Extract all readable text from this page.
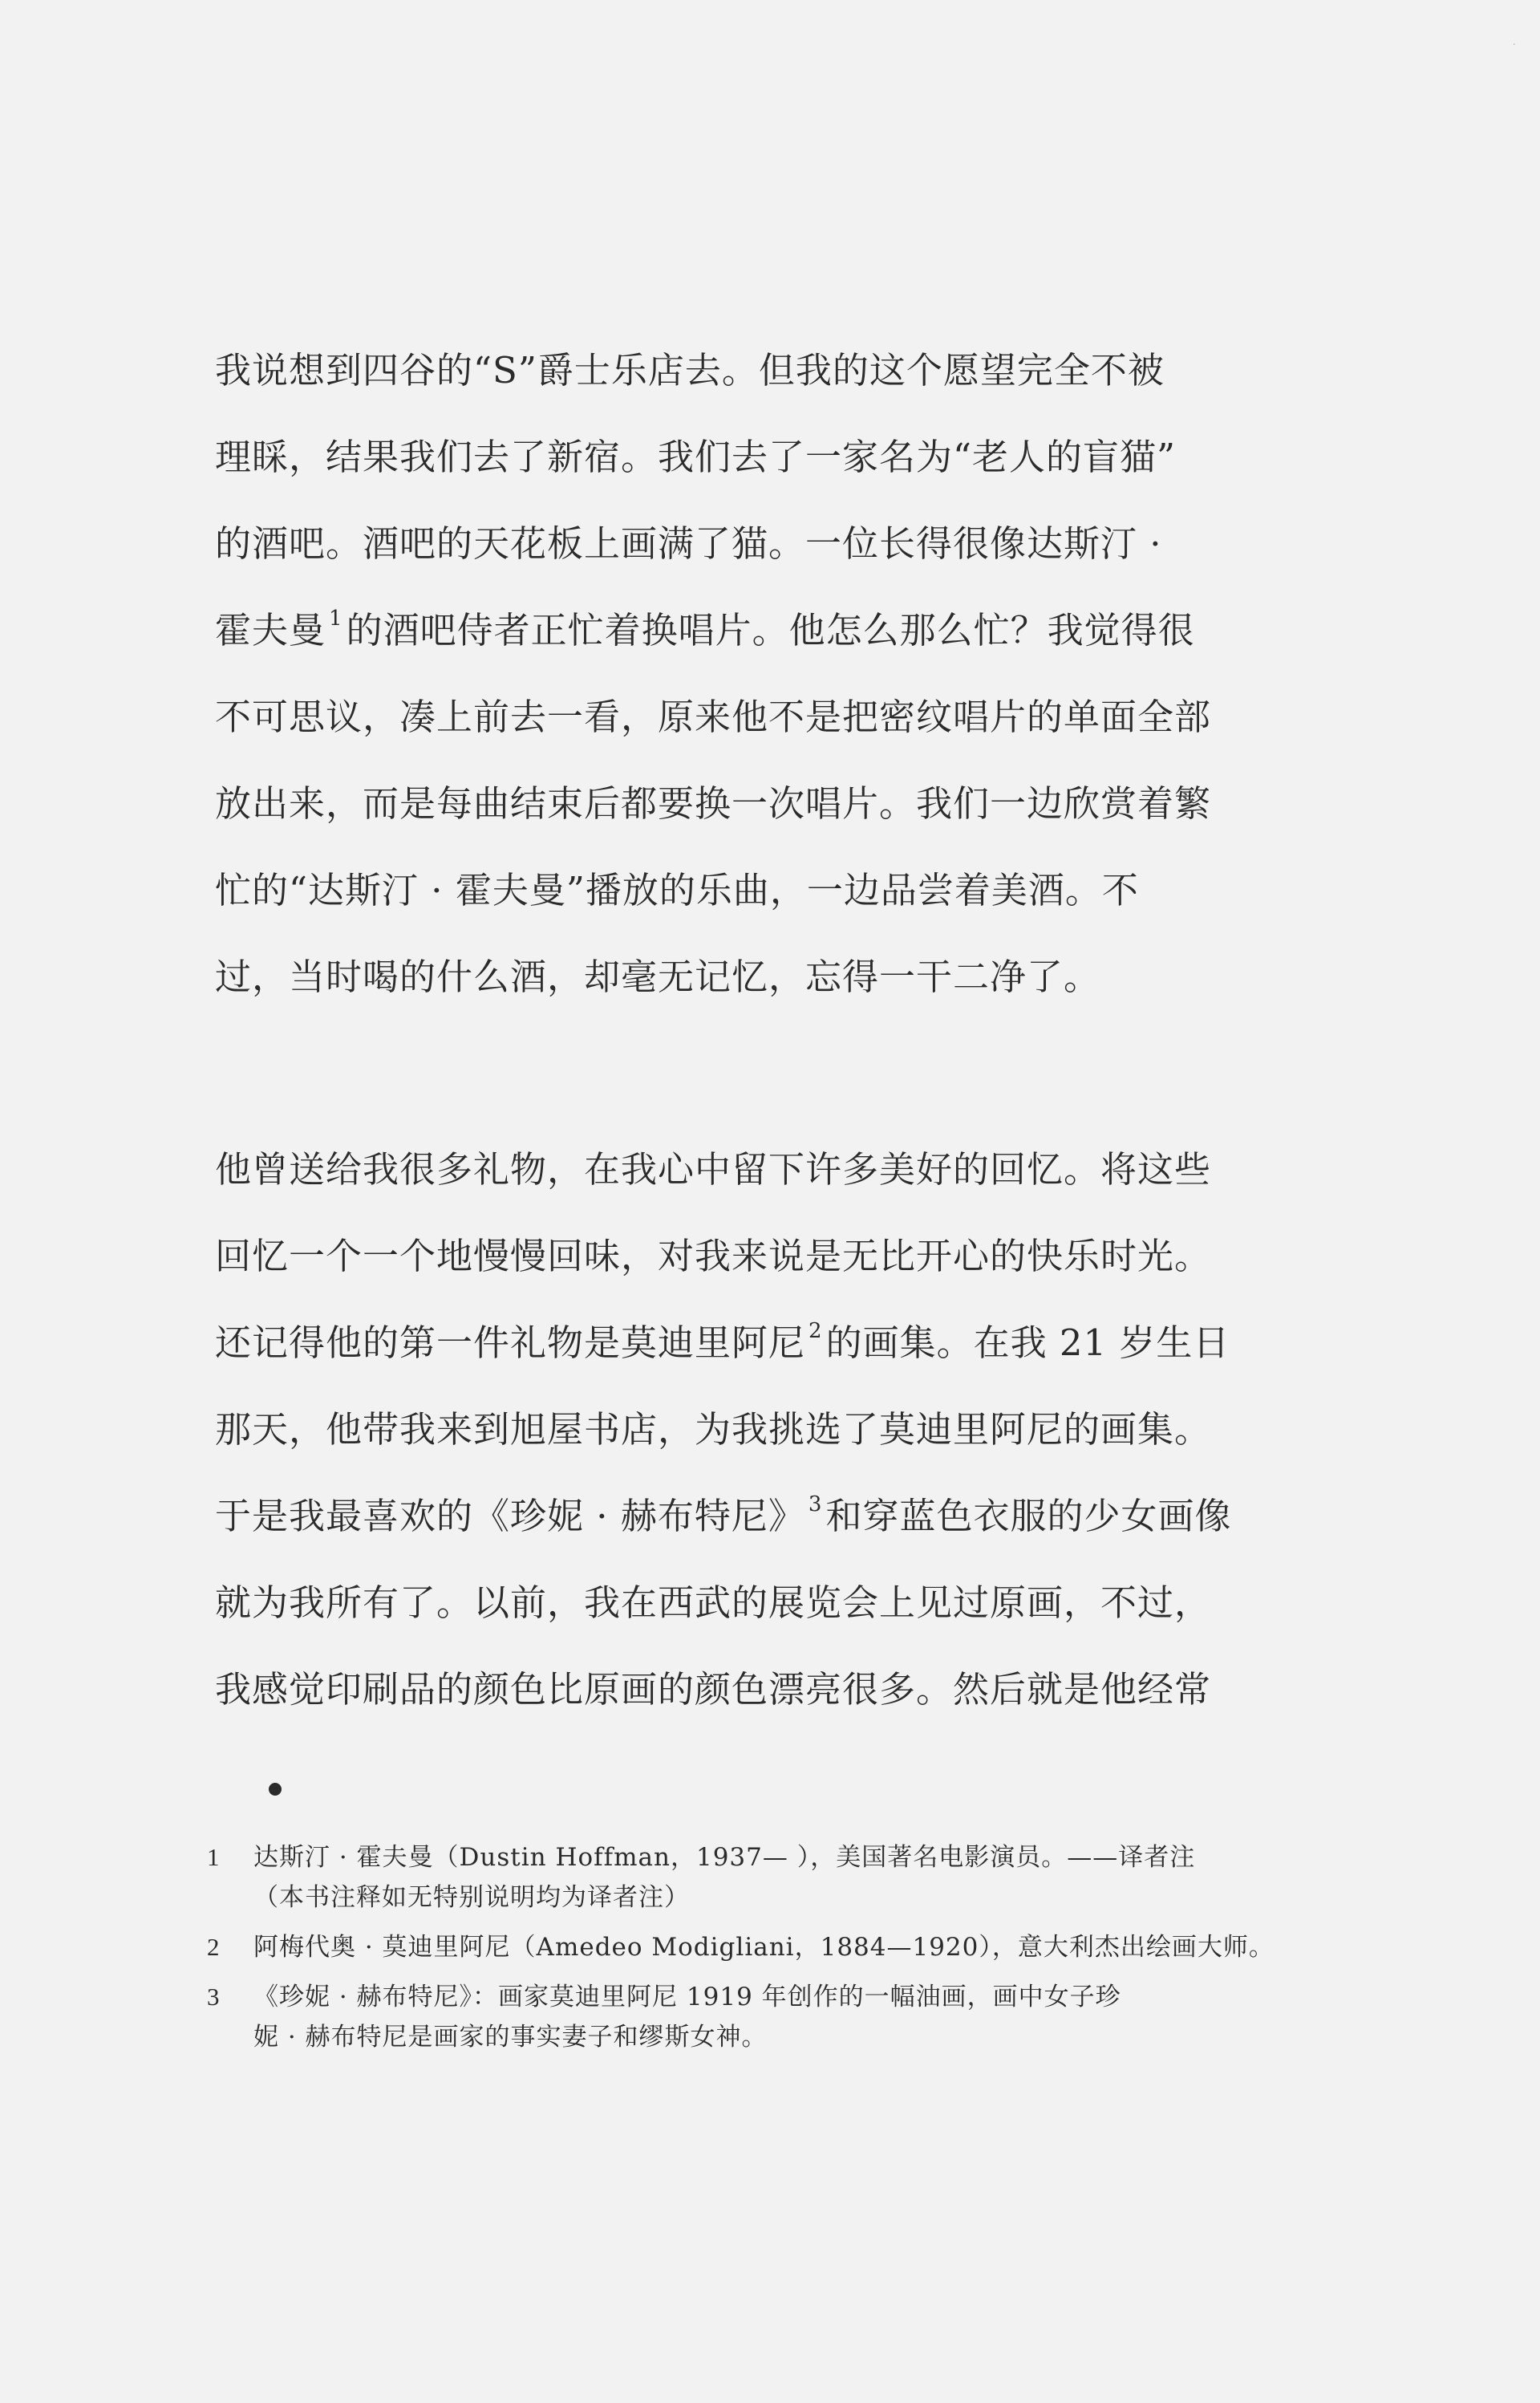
·
我说想到四谷的“S”爵士乐店去。但我的这个愿望完全不被
理睬，结果我们去了新宿。我们去了一家名为“老人的盲猫”
的酒吧。酒吧的天花板上画满了猫。一位长得很像达斯汀 ·
霍夫曼 $^1$的酒吧侍者正忙着换唱片。他怎么那么忙？我觉得很
不可思议，凑上前去一看，原来他不是把密纹唱片的单面全部
放出来，而是每曲结束后都要换一次唱片。我们一边欣赏着繁
忙的“达斯汀 · 霍夫曼”播放的乐曲，一边品尝着美酒。不
过，当时喝的什么酒，却毫无记忆，忘得一干二净了。
他曾送给我很多礼物，在我心中留下许多美好的回忆。将这些
回忆一个一个地慢慢回味，对我来说是无比开心的快乐时光。
还记得他的第一件礼物是莫迪里阿尼 $^2$的画集。在我 21 岁生日
那天，他带我来到旭屋书店，为我挑选了莫迪里阿尼的画集。
于是我最喜欢的《珍妮 · 赫布特尼》 $^3$和穿蓝色衣服的少女画像
就为我所有了。以前，我在西武的展览会上见过原画，不过，
我感觉印刷品的颜色比原画的颜色漂亮很多。然后就是他经常
1	达斯汀 · 霍夫曼（Dustin Hoffman，1937— ），美国著名电影演员。——译者注
（本书注释如无特别说明均为译者注）
2	阿梅代奥 · 莫迪里阿尼（Amedeo Modigliani，1884—1920），意大利杰出绘画大师。
3	《珍妮 · 赫布特尼》：画家莫迪里阿尼 1919 年创作的一幅油画，画中女子珍
妮 · 赫布特尼是画家的事实妻子和缪斯女神。
